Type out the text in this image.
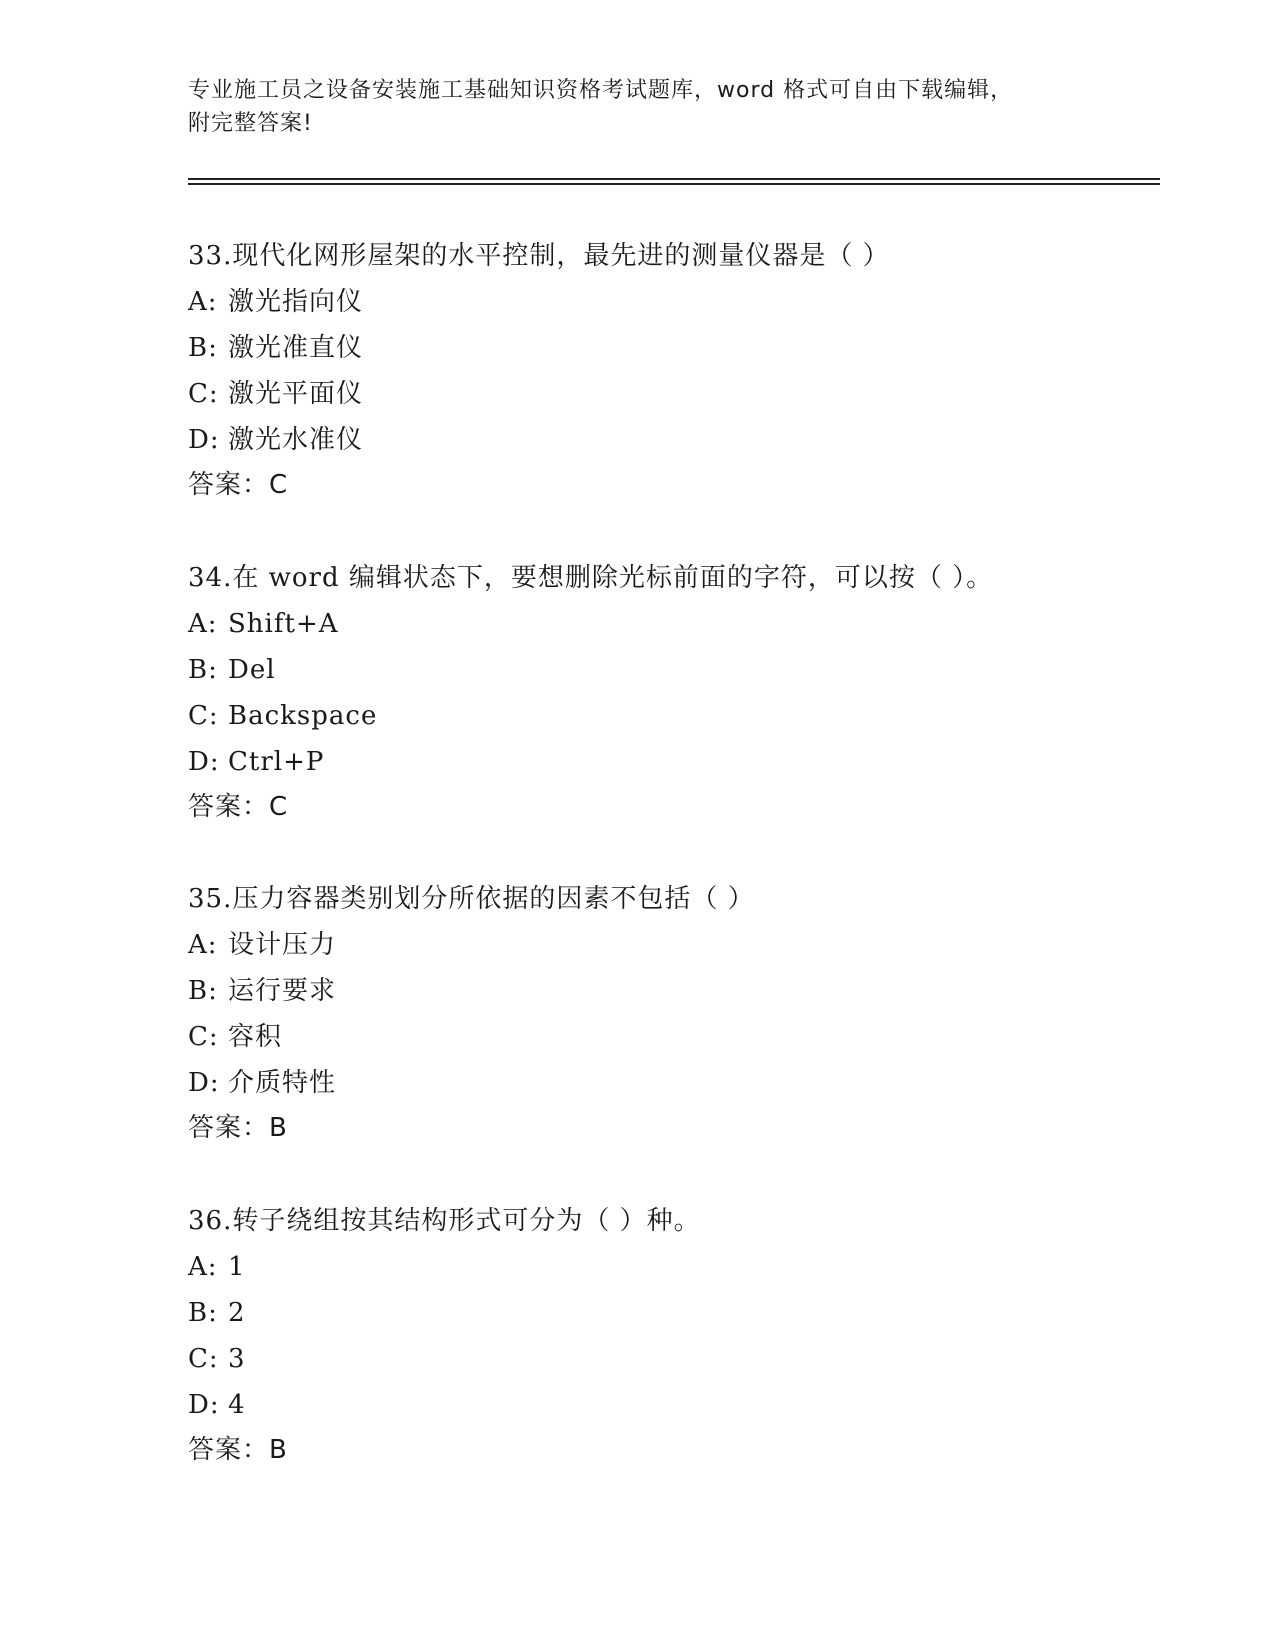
专业施工员之设备安装施工基础知识资格考试题库，word 格式可自由下载编辑，
附完整答案!
33.现代化网形屋架的水平控制，最先进的测量仪器是（ ）
A: 激光指向仪
B: 激光准直仪
C: 激光平面仪
D: 激光水准仪
答案：C
34.在 word 编辑状态下，要想删除光标前面的字符，可以按（ ）。
A: Shift+A
B: Del
C: Backspace
D: Ctrl+P
答案：C
35.压力容器类别划分所依据的因素不包括（ ）
A: 设计压力
B: 运行要求
C: 容积
D: 介质特性
答案：B
36.转子绕组按其结构形式可分为（ ）种。
A: 1
B: 2
C: 3
D: 4
答案：B
